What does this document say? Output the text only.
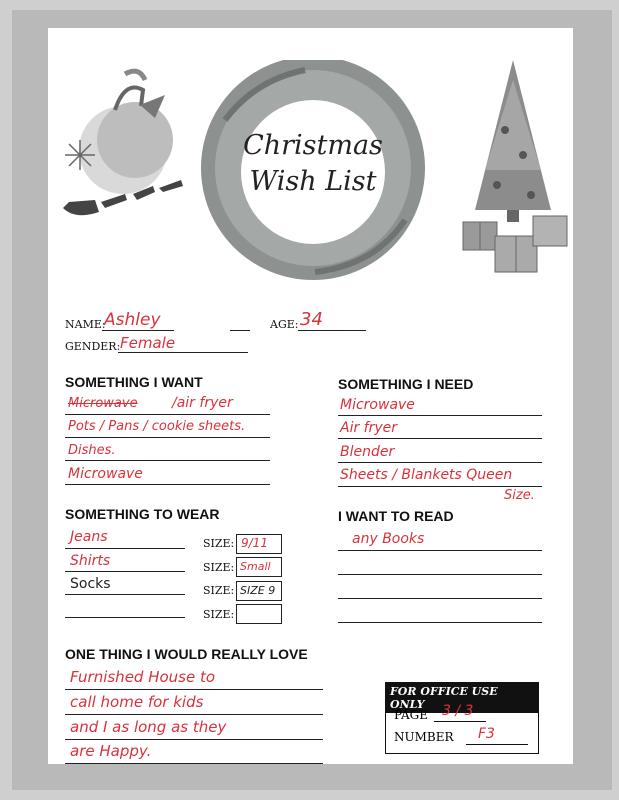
Christmas
Wish List
NAME:
Ashley	AGE: 34
GENDER: Female
SOMETHING I WANT
Microwave /air fryer
Pots / Pans / cookie sheets.
Dishes.
Microwave
SOMETHING I NEED
Microwave
Air fryer
Blender
Sheets / Blankets Queen
Size.
SOMETHING TO WEAR
Jeans
Shirts
Socks
SIZE:
SIZE:
SIZE:
SIZE:
9/11
Small
SIZE 9
I WANT TO READ
any Books
ONE THING I WOULD REALLY LOVE
Furnished House to
call home for kids
and I as long as they
are Happy.
FOR OFFICE USE ONLY
PAGE 3 / 3
NUMBER F3
